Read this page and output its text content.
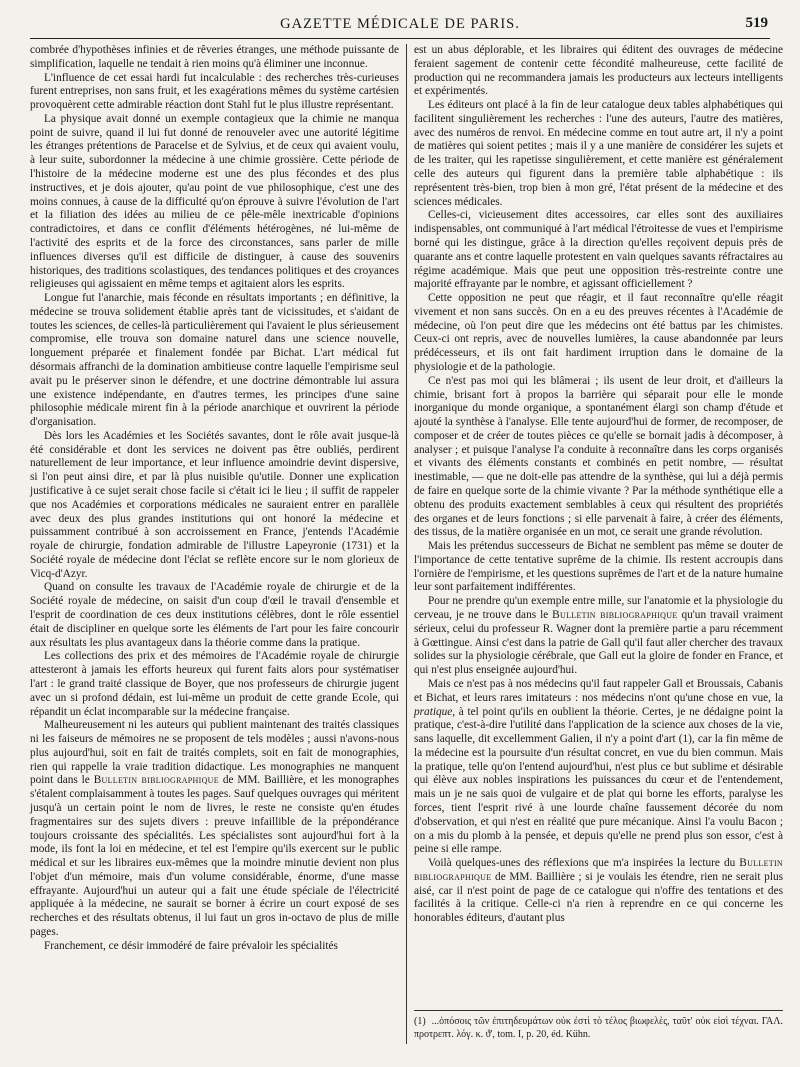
GAZETTE MÉDICALE DE PARIS.	519

combrée d'hypothèses infinies et de rêveries étranges, une méthode puissante de simplification, laquelle ne tendait à rien moins qu'à éliminer une inconnue.

L'influence de cet essai hardi fut incalculable : des recherches très-curieuses furent entreprises, non sans fruit, et les exagérations mêmes du système cartésien provoquèrent cette admirable réaction dont Stahl fut le plus illustre représentant.

La physique avait donné un exemple contagieux que la chimie ne manqua point de suivre, quand il lui fut donné de renouveler avec une autorité légitime les étranges prétentions de Paracelse et de Sylvius, et de ceux qui avaient voulu, à leur suite, subordonner la médecine à une chimie grossière. Cette période de l'histoire de la médecine moderne est une des plus fécondes et des plus instructives, et je dois ajouter, qu'au point de vue philosophique, c'est une des moins connues, à cause de la difficulté qu'on éprouve à suivre l'évolution de l'art et la filiation des idées au milieu de ce pêle-mêle inextricable d'opinions contradictoires, et dans ce conflit d'éléments hétérogènes, né lui-même de l'activité des esprits et de la force des circonstances, sans parler de mille influences diverses qu'il est difficile de distinguer, à cause des souvenirs historiques, des traditions scolastiques, des tendances politiques et des croyances religieuses qui agissaient en même temps et agitaient alors les esprits.

Longue fut l'anarchie, mais féconde en résultats importants ; en définitive, la médecine se trouva solidement établie après tant de vicissitudes, et s'aidant de toutes les sciences, de celles-là particulièrement qui l'avaient le plus sérieusement compromise, elle trouva son domaine naturel dans une science nouvelle, longuement préparée et finalement fondée par Bichat. L'art médical fut désormais affranchi de la domination ambitieuse contre laquelle l'empirisme seul avait pu le préserver sinon le défendre, et une doctrine démontrable lui assura une existence indépendante, en d'autres termes, les principes d'une saine philosophie médicale mirent fin à la période anarchique et ouvrirent la période d'organisation.

Dès lors les Académies et les Sociétés savantes, dont le rôle avait jusque-là été considérable et dont les services ne doivent pas être oubliés, perdirent naturellement de leur importance, et leur influence amoindrie devint dispersive, si l'on peut ainsi dire, et par là plus nuisible qu'utile. Donner une explication justificative à ce sujet serait chose facile si c'était ici le lieu ; il suffit de rappeler que nos Académies et corporations médicales ne sauraient entrer en parallèle avec deux des plus grandes institutions qui ont honoré la médecine et puissamment contribué à son accroissement en France, j'entends l'Académie royale de chirurgie, fondation admirable de l'illustre Lapeyronie (1731) et la Société royale de médecine dont l'éclat se reflète encore sur le nom glorieux de Vicq-d'Azyr.

Quand on consulte les travaux de l'Académie royale de chirurgie et de la Société royale de médecine, on saisit d'un coup d'œil le travail d'ensemble et l'esprit de coordination de ces deux institutions célèbres, dont le rôle essentiel était de discipliner en quelque sorte les éléments de l'art pour les faire concourir aux résultats les plus avantageux dans la théorie comme dans la pratique.

Les collections des prix et des mémoires de l'Académie royale de chirurgie attesteront à jamais les efforts heureux qui furent faits alors pour systématiser l'art : le grand traité classique de Boyer, que nos professeurs de chirurgie jugent avec un si profond dédain, est lui-même un produit de cette grande Ecole, qui répandit un éclat incomparable sur la médecine française.

Malheureusement ni les auteurs qui publient maintenant des traités classiques ni les faiseurs de mémoires ne se proposent de tels modèles ; aussi n'avons-nous plus aujourd'hui, soit en fait de traités complets, soit en fait de monographies, rien qui rappelle la vraie tradition didactique. Les monographies ne manquent point dans le Bulletin bibliographique de MM. Baillière, et les monographes s'étalent complaisamment à toutes les pages. Sauf quelques ouvrages qui méritent jusqu'à un certain point le nom de livres, le reste ne consiste qu'en études fragmentaires sur des sujets divers : preuve infaillible de la prépondérance toujours croissante des spécialités. Les spécialistes sont aujourd'hui fort à la mode, ils font la loi en médecine, et tel est l'empire qu'ils exercent sur le public médical et sur les libraires eux-mêmes que la moindre minutie devient non plus l'objet d'un mémoire, mais d'un volume considérable, énorme, d'une masse effrayante. Aujourd'hui un auteur qui a fait une étude spéciale de l'électricité appliquée à la médecine, ne saurait se borner à écrire un court exposé de ses recherches et des résultats obtenus, il lui faut un gros in-octavo de plus de mille pages.

Franchement, ce désir immodéré de faire prévaloir les spécialités

est un abus déplorable, et les libraires qui éditent des ouvrages de médecine feraient sagement de contenir cette fécondité malheureuse, cette facilité de production qui ne recommandera jamais les producteurs aux lecteurs intelligents et expérimentés.

Les éditeurs ont placé à la fin de leur catalogue deux tables alphabétiques qui facilitent singulièrement les recherches : l'une des auteurs, l'autre des matières, avec des numéros de renvoi. En médecine comme en tout autre art, il n'y a point de matières qui soient petites ; mais il y a une manière de considérer les sujets et de les traiter, qui les rapetisse singulièrement, et cette manière est généralement celle des auteurs qui figurent dans la première table alphabétique : ils représentent très-bien, trop bien à mon gré, l'état présent de la médecine et des sciences médicales.

Celles-ci, vicieusement dites accessoires, car elles sont des auxiliaires indispensables, ont communiqué à l'art médical l'étroitesse de vues et l'empirisme borné qui les distingue, grâce à la direction qu'elles reçoivent depuis près de quarante ans et contre laquelle protestent en vain quelques savants réfractaires au régime académique. Mais que peut une opposition très-restreinte contre une majorité effrayante par le nombre, et agissant officiellement ?

Cette opposition ne peut que réagir, et il faut reconnaître qu'elle réagit vivement et non sans succès. On en a eu des preuves récentes à l'Académie de médecine, où l'on peut dire que les médecins ont été battus par les chimistes. Ceux-ci ont repris, avec de nouvelles lumières, la cause abandonnée par leurs prédécesseurs, et ils ont fait hardiment irruption dans le domaine de la physiologie et de la pathologie.

Ce n'est pas moi qui les blâmerai ; ils usent de leur droit, et d'ailleurs la chimie, brisant fort à propos la barrière qui séparait pour elle le monde inorganique du monde organique, a spontanément élargi son champ d'étude et ajouté la synthèse à l'analyse. Elle tente aujourd'hui de former, de recomposer, de composer et de créer de toutes pièces ce qu'elle se bornait jadis à décomposer, à analyser ; et puisque l'analyse l'a conduite à reconnaître dans les corps organisés et vivants des éléments constants et combinés en petit nombre, — résultat inestimable, — que ne doit-elle pas attendre de la synthèse, qui lui a déjà permis de faire en quelque sorte de la chimie vivante ? Par la méthode synthétique elle a obtenu des produits exactement semblables à ceux qui résultent des propriétés des organes et de leurs fonctions ; si elle parvenait à faire, à créer des éléments, des tissus, de la matière organisée en un mot, ce serait une grande révolution.

Mais les prétendus successeurs de Bichat ne semblent pas même se douter de l'importance de cette tentative suprême de la chimie. Ils restent accroupis dans l'ornière de l'empirisme, et les questions suprêmes de l'art et de la nature humaine leur sont parfaitement indifférentes.

Pour ne prendre qu'un exemple entre mille, sur l'anatomie et la physiologie du cerveau, je ne trouve dans le Bulletin bibliographique qu'un travail vraiment sérieux, celui du professeur R. Wagner dont la première partie a paru récemment à Gœttingue. Ainsi c'est dans la patrie de Gall qu'il faut aller chercher des travaux solides sur la physiologie cérébrale, que Gall eut la gloire de fonder en France, et qui n'est plus enseignée aujourd'hui.

Mais ce n'est pas à nos médecins qu'il faut rappeler Gall et Broussais, Cabanis et Bichat, et leurs rares imitateurs : nos médecins n'ont qu'une chose en vue, la pratique, à tel point qu'ils en oublient la théorie. Certes, je ne dédaigne point la pratique, c'est-à-dire l'utilité dans l'application de la science aux choses de la vie, sans laquelle, dit excellemment Galien, il n'y a point d'art (1), car la fin même de la médecine est la poursuite d'un résultat concret, en vue du bien commun. Mais la pratique, telle qu'on l'entend aujourd'hui, n'est plus ce but sublime et désirable qui élève aux nobles inspirations les puissances du cœur et de l'entendement, mais un je ne sais quoi de vulgaire et de plat qui borne les efforts, paralyse les forces, tient l'esprit rivé à une lourde chaîne faussement décorée du nom d'observation, et qui n'est en réalité que pure mécanique. Ainsi l'a voulu Bacon ; on a mis du plomb à la pensée, et depuis qu'elle ne prend plus son essor, c'est à peine si elle rampe.

Voilà quelques-unes des réflexions que m'a inspirées la lecture du Bulletin bibliographique de MM. Baillière ; si je voulais les étendre, rien ne serait plus aisé, car il n'est point de page de ce catalogue qui n'offre des tentations et des facilités à la critique. Celle-ci n'a rien à reprendre en ce qui concerne les honorables éditeurs, d'autant plus

(1) ...ὁπόσοις τῶν ἐπιτηδευμάτων οὐκ ἐστὶ τὸ τέλος βιωφελὲς, ταῦτ' οὐκ εἰσὶ τέχναι. ΓΑΛ. προτρεπτ. λόγ. κ. ϑ', tom. I, p. 20, éd. Kühn.
